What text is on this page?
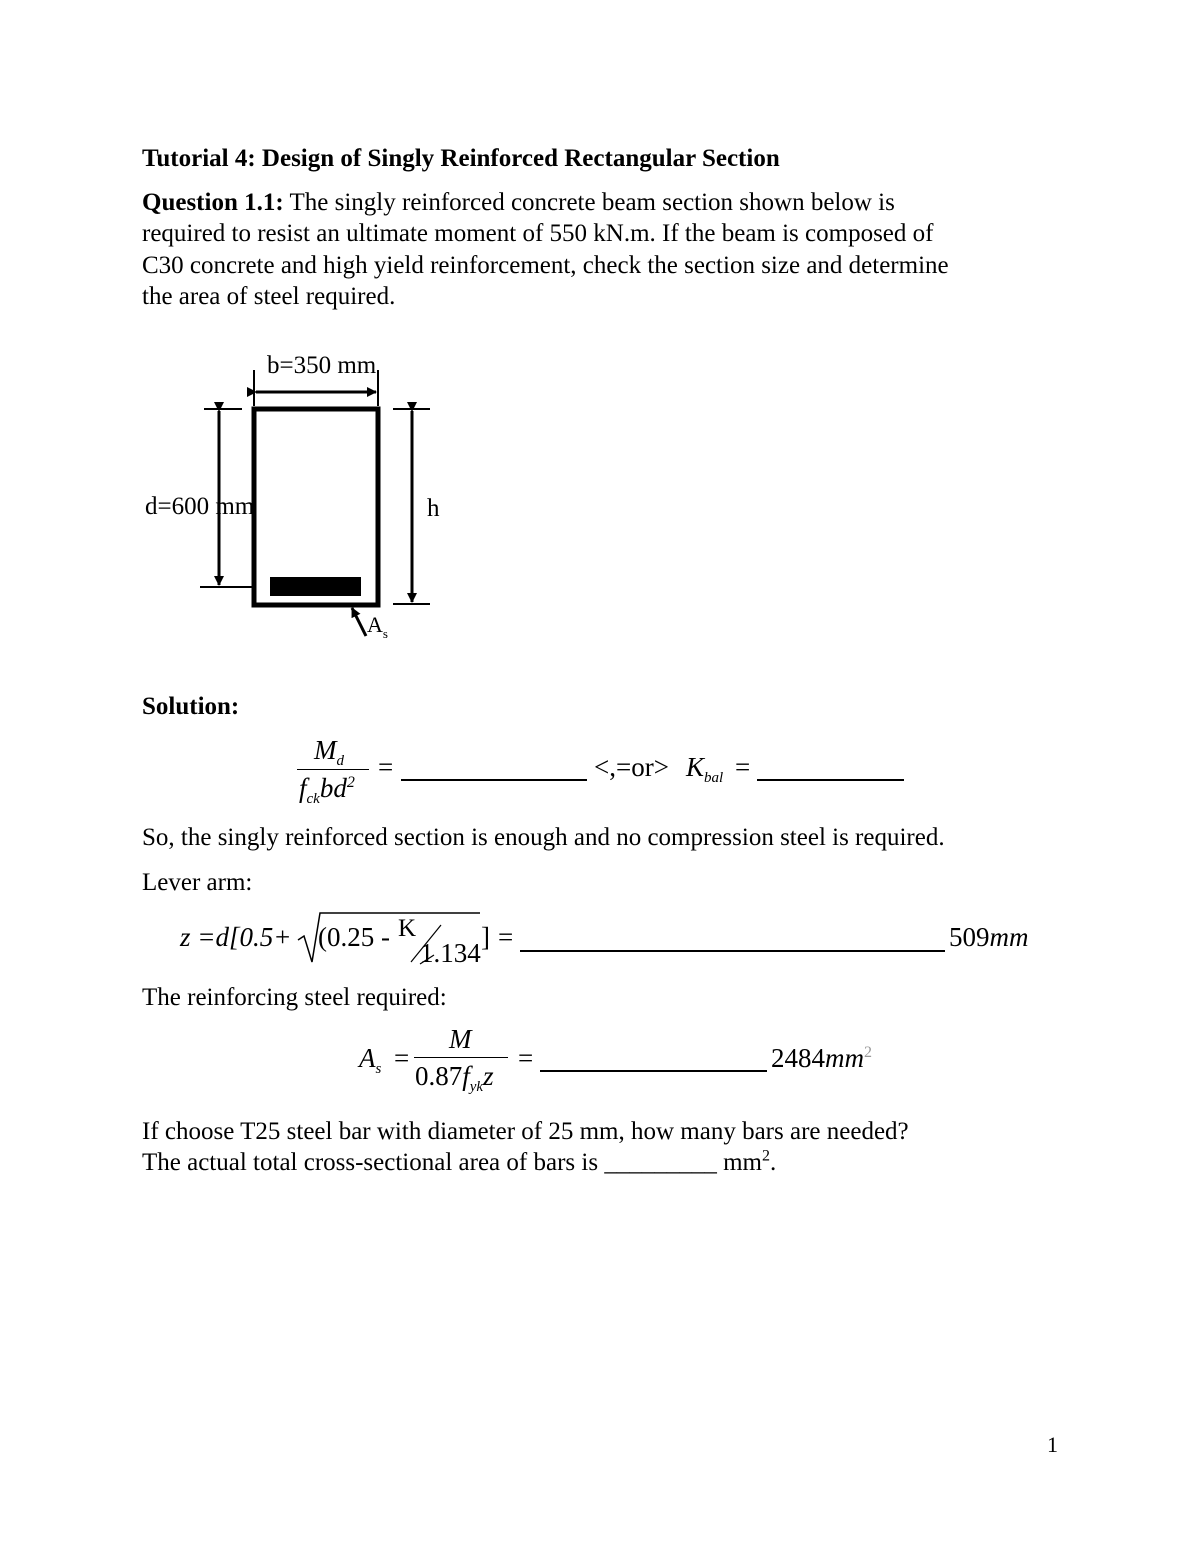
Tutorial 4: Design of Singly Reinforced Rectangular Section
Question 1.1: The singly reinforced concrete beam section shown below is
required to resist an ultimate moment of 550 kN.m. If the beam is composed of
C30 concrete and high yield reinforcement, check the section size and determine
the area of steel required.
b=350 mm
d=600 mm	h
$A_s$
Solution:
$M_d$
$f_{ck}bd^2$
=	$<,=or> K_{bal}$ =
So, the singly reinforced section is enough and no compression steel is required.
Lever arm:
z =d[0.5+ (0.25 - K
1.134
] =	509mm
The reinforcing steel required:
$A_s$ =
M
$0.87f_{yk}z$
=	$2484mm^2$
If choose T25 steel bar with diameter of 25 mm, how many bars are needed?
The actual total cross-sectional area of bars is _________ $mm^2$.
1
